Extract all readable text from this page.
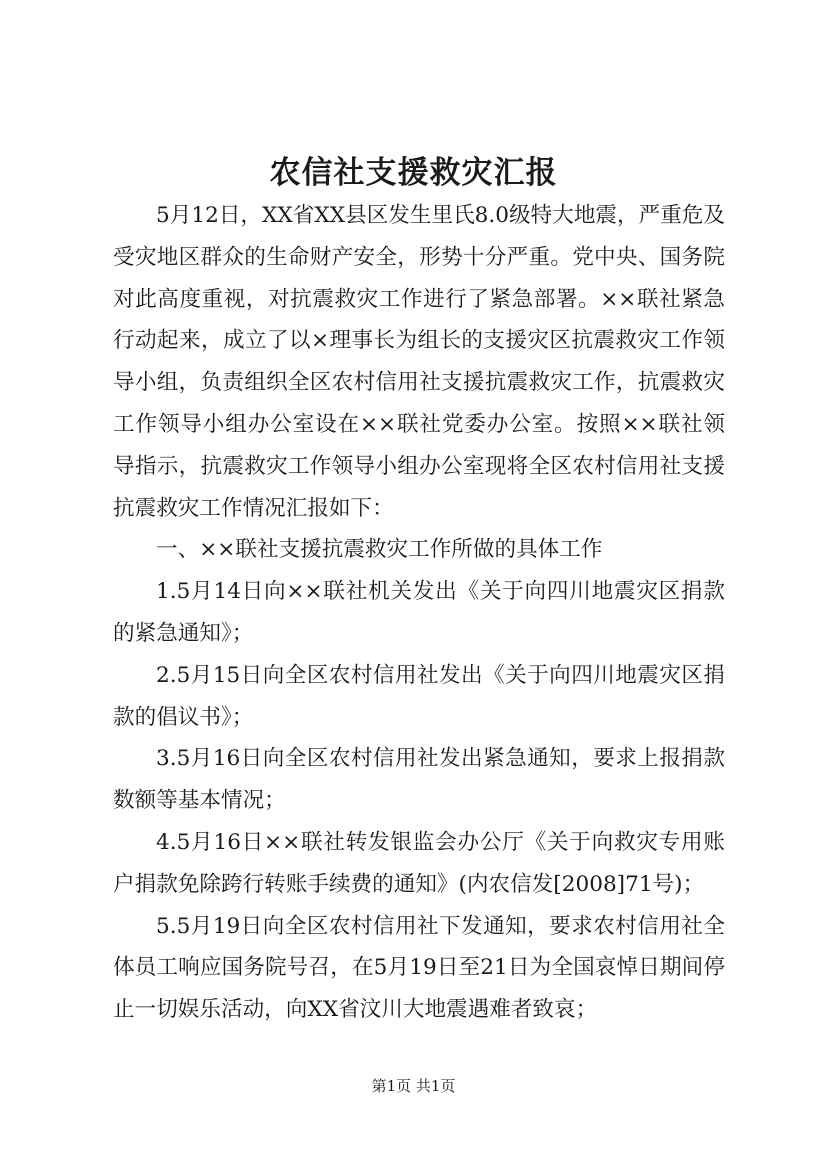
农信社支援救灾汇报

5月12日，XX省XX县区发生里氏8.0级特大地震，严重危及受灾地区群众的生命财产安全，形势十分严重。党中央、国务院对此高度重视，对抗震救灾工作进行了紧急部署。××联社紧急行动起来，成立了以×理事长为组长的支援灾区抗震救灾工作领导小组，负责组织全区农村信用社支援抗震救灾工作，抗震救灾工作领导小组办公室设在××联社党委办公室。按照××联社领导指示，抗震救灾工作领导小组办公室现将全区农村信用社支援抗震救灾工作情况汇报如下：

一、××联社支援抗震救灾工作所做的具体工作

1.5月14日向××联社机关发出《关于向四川地震灾区捐款的紧急通知》；

2.5月15日向全区农村信用社发出《关于向四川地震灾区捐款的倡议书》；

3.5月16日向全区农村信用社发出紧急通知，要求上报捐款数额等基本情况；

4.5月16日××联社转发银监会办公厅《关于向救灾专用账户捐款免除跨行转账手续费的通知》(内农信发[2008]71号)；

5.5月19日向全区农村信用社下发通知，要求农村信用社全体员工响应国务院号召，在5月19日至21日为全国哀悼日期间停止一切娱乐活动，向XX省汶川大地震遇难者致哀；

第1页 共1页
